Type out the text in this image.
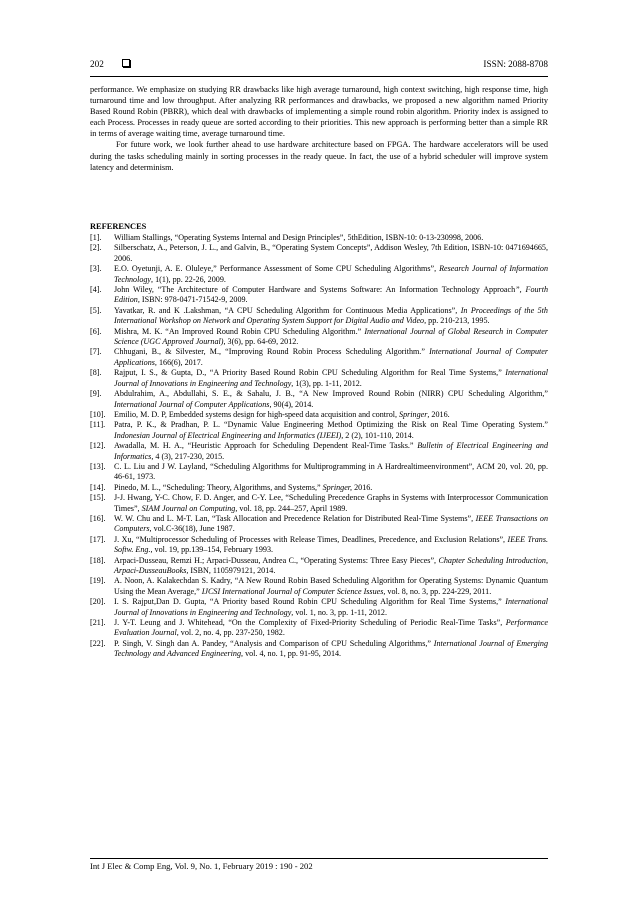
202	ISSN: 2088-8708

performance. We emphasize on studying RR drawbacks like high average turnaround, high context switching, high response time, high turnaround time and low throughput. After analyzing RR performances and drawbacks, we proposed a new algorithm named Priority Based Round Robin (PBRR), which deal with drawbacks of implementing a simple round robin algorithm. Priority index is assigned to each Process. Processes in ready queue are sorted according to their priorities. This new approach is performing better than a simple RR in terms of average waiting time, average turnaround time.

For future work, we look further ahead to use hardware architecture based on FPGA. The hardware accelerators will be used during the tasks scheduling mainly in sorting processes in the ready queue. In fact, the use of a hybrid scheduler will improve system latency and determinism.

REFERENCES
[1].	William Stallings, “Operating Systems Internal and Design Principles”, 5thEdition, ISBN-10: 0-13-230998, 2006.
[2].	Silberschatz, A., Peterson, J. L., and Galvin, B., “Operating System Concepts”, Addison Wesley, 7th Edition, ISBN-10: 0471694665, 2006.
[3].	E.O. Oyetunji, A. E. Oluleye,” Performance Assessment of Some CPU Scheduling Algorithms”, Research Journal of Information Technology, 1(1), pp. 22-26, 2009.
[4].	John Wiley, “The Architecture of Computer Hardware and Systems Software: An Information Technology Approach”, Fourth Edition, ISBN: 978-0471-71542-9, 2009.
[5].	Yavatkar, R. and K .Lakshman, “A CPU Scheduling Algorithm for Continuous Media Applications”, In Proceedings of the 5th International Workshop on Network and Operating System Support for Digital Audio and Video, pp. 210-213, 1995.
[6].	Mishra, M. K. “An Improved Round Robin CPU Scheduling Algorithm.” International Journal of Global Research in Computer Science (UGC Approved Journal), 3(6), pp. 64-69, 2012.
[7].	Chhugani, B., & Silvester, M., “Improving Round Robin Process Scheduling Algorithm.” International Journal of Computer Applications, 166(6), 2017.
[8].	Rajput, I. S., & Gupta, D., “A Priority Based Round Robin CPU Scheduling Algorithm for Real Time Systems,” International Journal of Innovations in Engineering and Technology, 1(3), pp. 1-11, 2012.
[9].	Abdulrahim, A., Abdullahi, S. E., & Sahalu, J. B., “A New Improved Round Robin (NIRR) CPU Scheduling Algorithm,” International Journal of Computer Applications, 90(4), 2014.
[10].	Emilio, M. D. P, Embedded systems design for high-speed data acquisition and control, Springer, 2016.
[11].	Patra, P. K., & Pradhan, P. L. “Dynamic Value Engineering Method Optimizing the Risk on Real Time Operating System.” Indonesian Journal of Electrical Engineering and Informatics (IJEEI), 2 (2), 101-110, 2014.
[12].	Awadalla, M. H. A., “Heuristic Approach for Scheduling Dependent Real-Time Tasks.” Bulletin of Electrical Engineering and Informatics, 4 (3), 217-230, 2015.
[13].	C. L. Liu and J W. Layland, “Scheduling Algorithms for Multiprogramming in A Hardrealtimeenvironment”, ACM 20, vol. 20, pp. 46-61, 1973.
[14].	Pinedo, M. L., “Scheduling: Theory, Algorithms, and Systems,” Springer, 2016.
[15].	J-J. Hwang, Y-C. Chow, F. D. Anger, and C-Y. Lee, “Scheduling Precedence Graphs in Systems with Interprocessor Communication Times”, SIAM Journal on Computing, vol. 18, pp. 244–257, April 1989.
[16].	W. W. Chu and L. M-T. Lan, “Task Allocation and Precedence Relation for Distributed Real-Time Systems”, IEEE Transactions on Computers, vol.C-36(18), June 1987.
[17].	J. Xu, “Multiprocessor Scheduling of Processes with Release Times, Deadlines, Precedence, and Exclusion Relations”, IEEE Trans. Softw. Eng., vol. 19, pp.139–154, February 1993.
[18].	Arpaci-Dusseau, Remzi H.; Arpaci-Dusseau, Andrea C., “Operating Systems: Three Easy Pieces”, Chapter Scheduling Introduction, Arpaci-DusseauBooks, ISBN, 1105979121, 2014.
[19].	A. Noon, A. Kalakechdan S. Kadry, “A New Round Robin Based Scheduling Algorithm for Operating Systems: Dynamic Quantum Using the Mean Average,” IJCSI International Journal of Computer Science Issues, vol. 8, no. 3, pp. 224-229, 2011.
[20].	I. S. Rajput,Dan D. Gupta, “A Priority based Round Robin CPU Scheduling Algorithm for Real Time Systems,” International Journal of Innovations in Engineering and Technology, vol. 1, no. 3, pp. 1-11, 2012.
[21].	J. Y-T. Leung and J. Whitehead, “On the Complexity of Fixed-Priority Scheduling of Periodic Real-Time Tasks”, Performance Evaluation Journal, vol. 2, no. 4, pp. 237-250, 1982.
[22].	P. Singh, V. Singh dan A. Pandey, “Analysis and Comparison of CPU Scheduling Algorithms,” International Journal of Emerging Technology and Advanced Engineering, vol. 4, no. 1, pp. 91-95, 2014.
Int J Elec & Comp Eng, Vol. 9, No. 1, February 2019 : 190 - 202
